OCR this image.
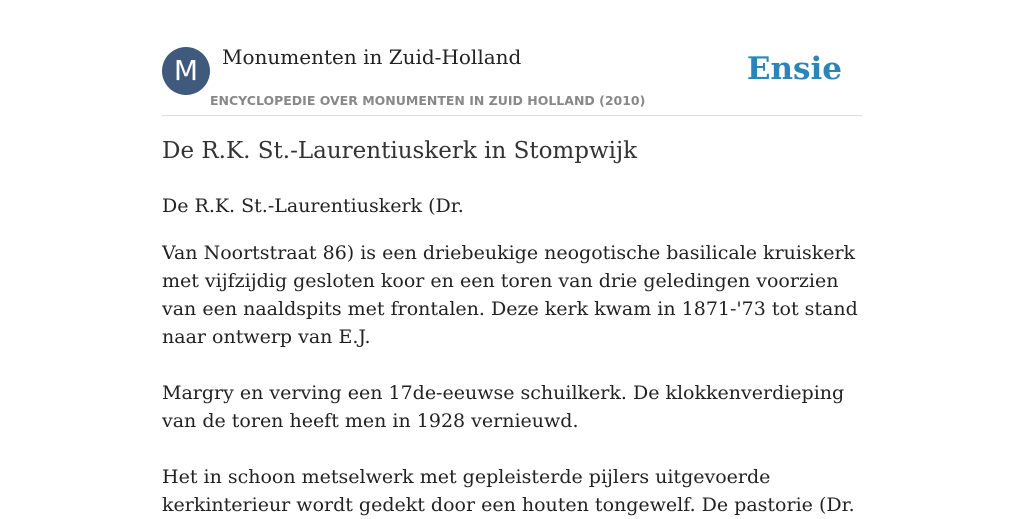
M	Monumenten in Zuid-Holland
ENCYCLOPEDIE OVER MONUMENTEN IN ZUID HOLLAND (2010)
Ensie
De R.K. St.-Laurentiuskerk in Stompwijk

De R.K. St.-Laurentiuskerk (Dr.

Van Noortstraat 86) is een driebeukige neogotische basilicale kruiskerk met vijfzijdig gesloten koor en een toren van drie geledingen voorzien van een naaldspits met frontalen. Deze kerk kwam in 1871-'73 tot stand naar ontwerp van E.J.

Margry en verving een 17de-eeuwse schuilkerk. De klokkenverdieping van de toren heeft men in 1928 vernieuwd.

Het in schoon metselwerk met gepleisterde pijlers uitgevoerde kerkinterieur wordt gedekt door een houten tongewelf. De pastorie (Dr.
